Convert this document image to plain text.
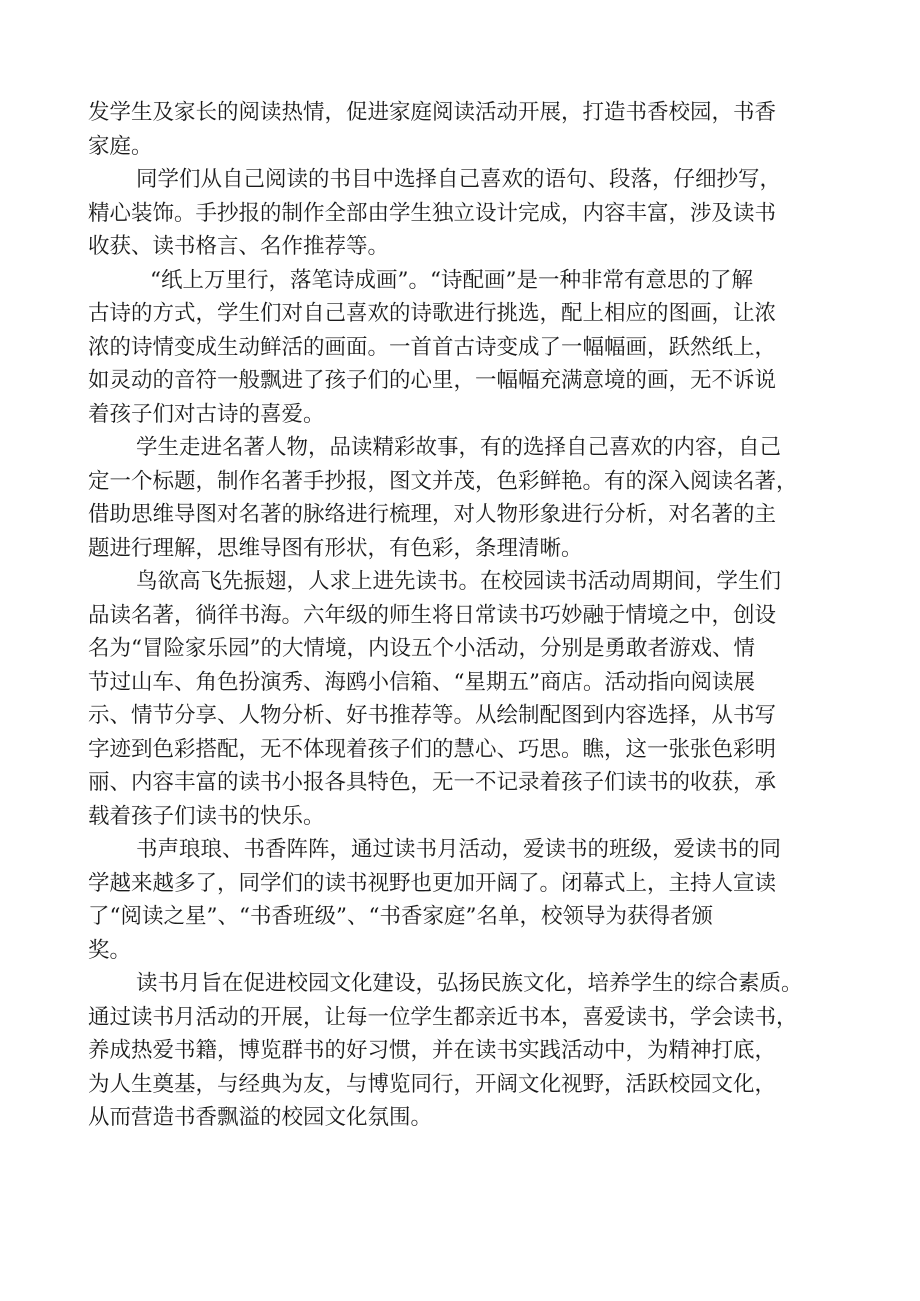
发学生及家长的阅读热情，促进家庭阅读活动开展，打造书香校园，书香
家庭。
同学们从自己阅读的书目中选择自己喜欢的语句、段落，仔细抄写，
精心装饰。手抄报的制作全部由学生独立设计完成，内容丰富，涉及读书
收获、读书格言、名作推荐等。
“纸上万里行，落笔诗成画”。“诗配画”是一种非常有意思的了解
古诗的方式，学生们对自己喜欢的诗歌进行挑选，配上相应的图画，让浓
浓的诗情变成生动鲜活的画面。一首首古诗变成了一幅幅画，跃然纸上，
如灵动的音符一般飘进了孩子们的心里，一幅幅充满意境的画，无不诉说
着孩子们对古诗的喜爱。
学生走进名著人物，品读精彩故事，有的选择自己喜欢的内容，自己
定一个标题，制作名著手抄报，图文并茂，色彩鲜艳。有的深入阅读名著，
借助思维导图对名著的脉络进行梳理，对人物形象进行分析，对名著的主
题进行理解，思维导图有形状，有色彩，条理清晰。
鸟欲高飞先振翅，人求上进先读书。在校园读书活动周期间，学生们
品读名著，徜徉书海。六年级的师生将日常读书巧妙融于情境之中，创设
名为“冒险家乐园”的大情境，内设五个小活动，分别是勇敢者游戏、情
节过山车、角色扮演秀、海鸥小信箱、“星期五”商店。活动指向阅读展
示、情节分享、人物分析、好书推荐等。从绘制配图到内容选择，从书写
字迹到色彩搭配，无不体现着孩子们的慧心、巧思。瞧，这一张张色彩明
丽、内容丰富的读书小报各具特色，无一不记录着孩子们读书的收获，承
载着孩子们读书的快乐。
书声琅琅、书香阵阵，通过读书月活动，爱读书的班级，爱读书的同
学越来越多了，同学们的读书视野也更加开阔了。闭幕式上，主持人宣读
了“阅读之星”、“书香班级”、“书香家庭”名单，校领导为获得者颁
奖。
读书月旨在促进校园文化建设，弘扬民族文化，培养学生的综合素质。
通过读书月活动的开展，让每一位学生都亲近书本，喜爱读书，学会读书，
养成热爱书籍，博览群书的好习惯，并在读书实践活动中，为精神打底，
为人生奠基，与经典为友，与博览同行，开阔文化视野，活跃校园文化，
从而营造书香飘溢的校园文化氛围。
